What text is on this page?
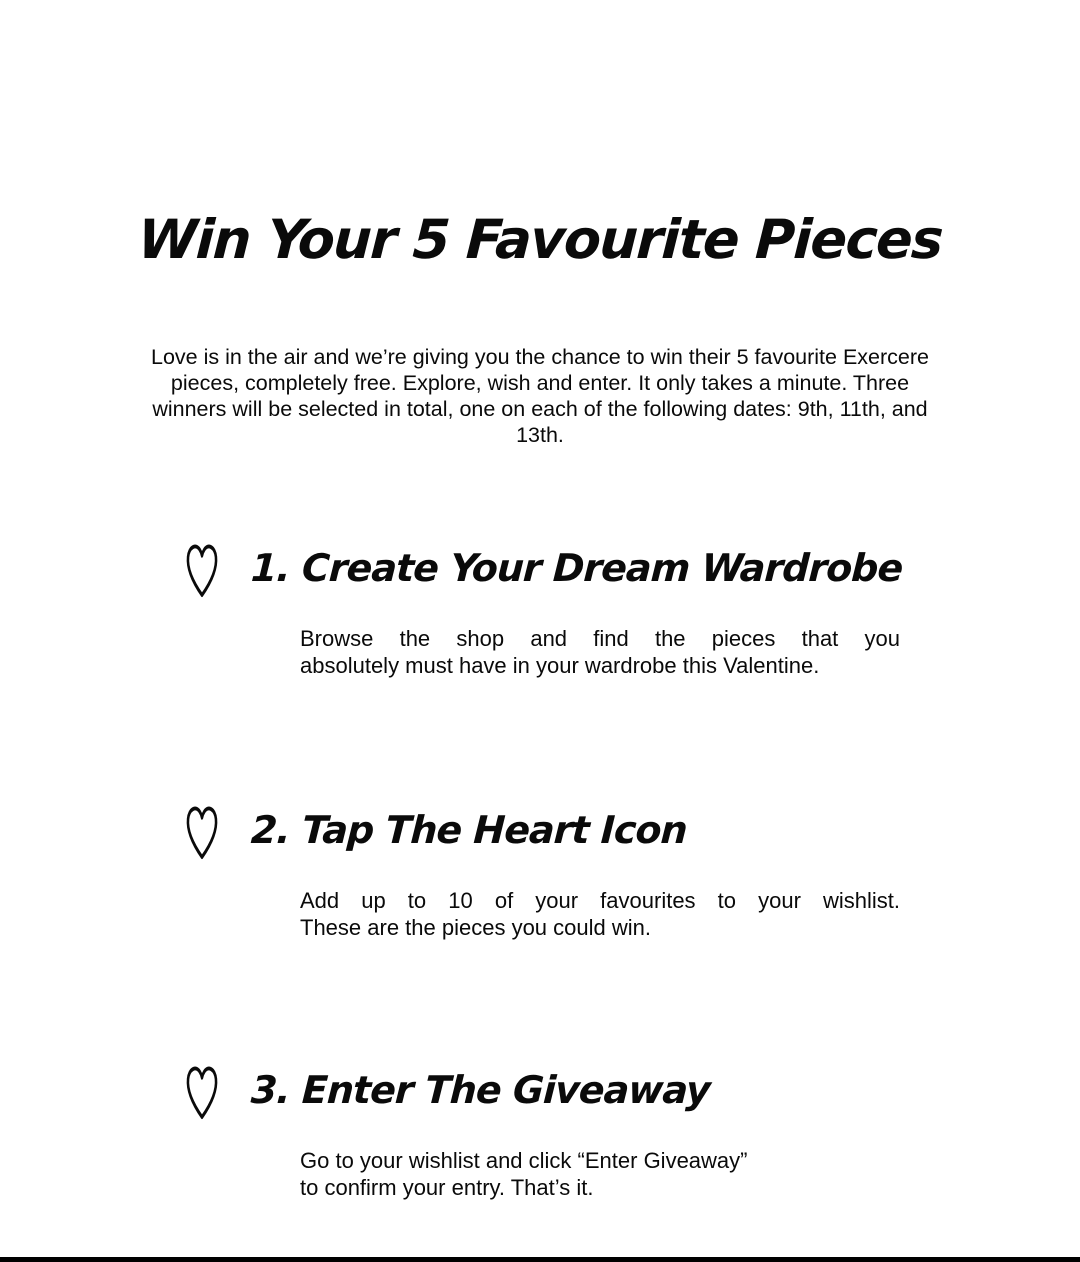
Win Your 5 Favourite Pieces

Love is in the air and we’re giving you the chance to win their 5 favourite Exercere pieces, completely free. Explore, wish and enter. It only takes a minute. Three winners will be selected in total, one on each of the following dates: 9th, 11th, and 13th.

1. Create Your Dream Wardrobe
Browse the shop and find the pieces that you
absolutely must have in your wardrobe this Valentine.
2. Tap The Heart Icon
Add up to 10 of your favourites to your wishlist.
These are the pieces you could win.
3. Enter The Giveaway
Go to your wishlist and click “Enter Giveaway”
to confirm your entry. That’s it.
